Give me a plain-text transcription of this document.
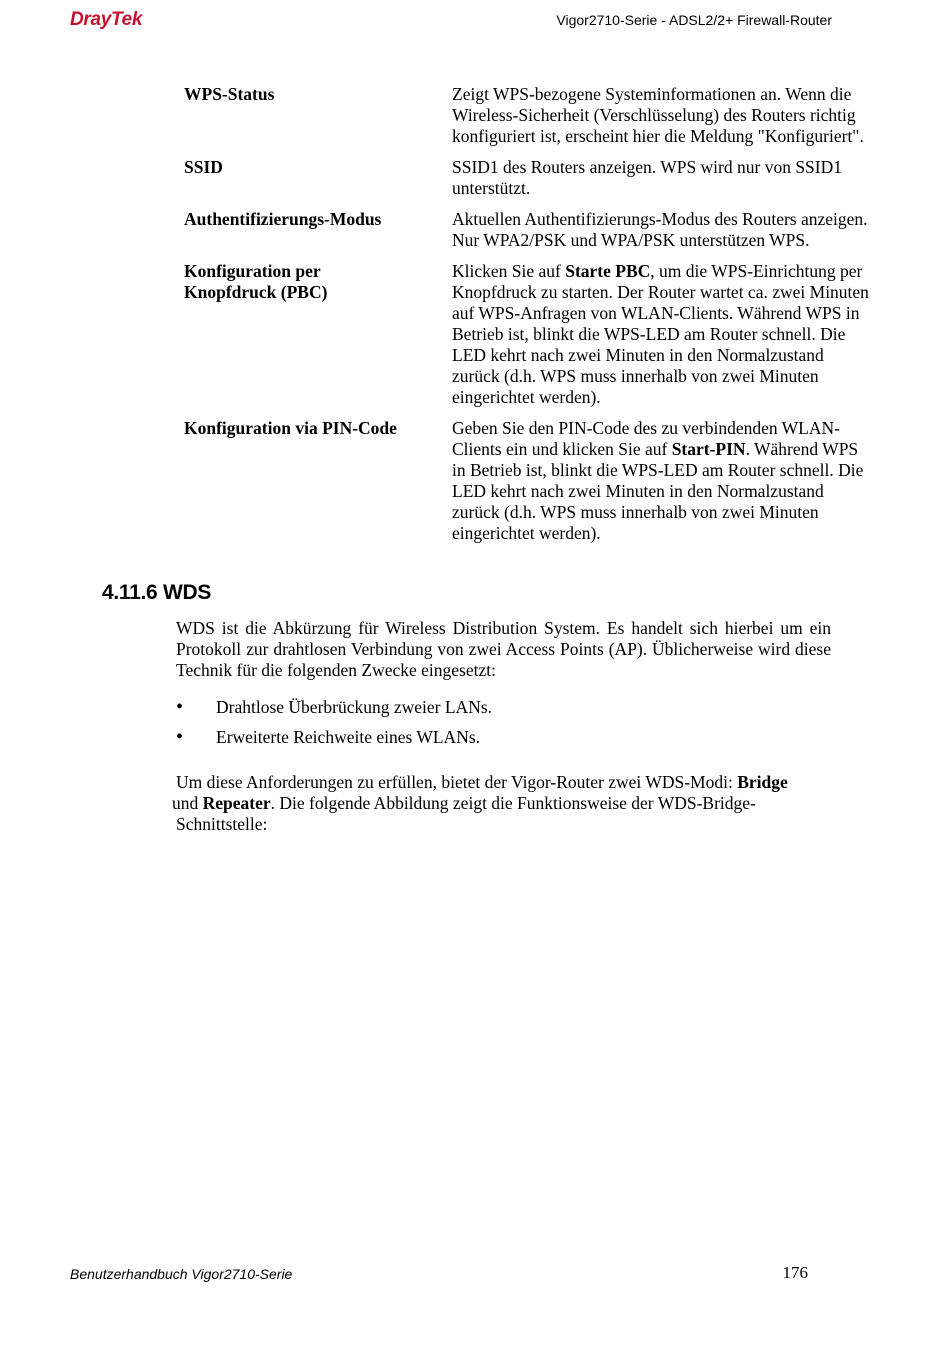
DrayTek	Vigor2710-Serie - ADSL2/2+ Firewall-Router
WPS-Status	Zeigt WPS-bezogene Systeminformationen an. Wenn die Wireless-Sicherheit (Verschlüsselung) des Routers richtig konfiguriert ist, erscheint hier die Meldung "Konfiguriert".
SSID	SSID1 des Routers anzeigen. WPS wird nur von SSID1 unterstützt.
Authentifizierungs-Modus	Aktuellen Authentifizierungs-Modus des Routers anzeigen. Nur WPA2/PSK und WPA/PSK unterstützen WPS.
Konfiguration per Knopfdruck (PBC)	Klicken Sie auf Starte PBC, um die WPS-Einrichtung per Knopfdruck zu starten. Der Router wartet ca. zwei Minuten auf WPS-Anfragen von WLAN-Clients. Während WPS in Betrieb ist, blinkt die WPS-LED am Router schnell. Die LED kehrt nach zwei Minuten in den Normalzustand zurück (d.h. WPS muss innerhalb von zwei Minuten eingerichtet werden).
Konfiguration via PIN-Code	Geben Sie den PIN-Code des zu verbindenden WLAN-Clients ein und klicken Sie auf Start-PIN. Während WPS in Betrieb ist, blinkt die WPS-LED am Router schnell. Die LED kehrt nach zwei Minuten in den Normalzustand zurück (d.h. WPS muss innerhalb von zwei Minuten eingerichtet werden).
4.11.6 WDS
WDS ist die Abkürzung für Wireless Distribution System. Es handelt sich hierbei um ein Protokoll zur drahtlosen Verbindung von zwei Access Points (AP). Üblicherweise wird diese Technik für die folgenden Zwecke eingesetzt:
• Drahtlose Überbrückung zweier LANs.
• Erweiterte Reichweite eines WLANs.
Um diese Anforderungen zu erfüllen, bietet der Vigor-Router zwei WDS-Modi: Bridge
und Repeater. Die folgende Abbildung zeigt die Funktionsweise der WDS-Bridge-Schnittstelle:
Benutzerhandbuch Vigor2710-Serie	176
